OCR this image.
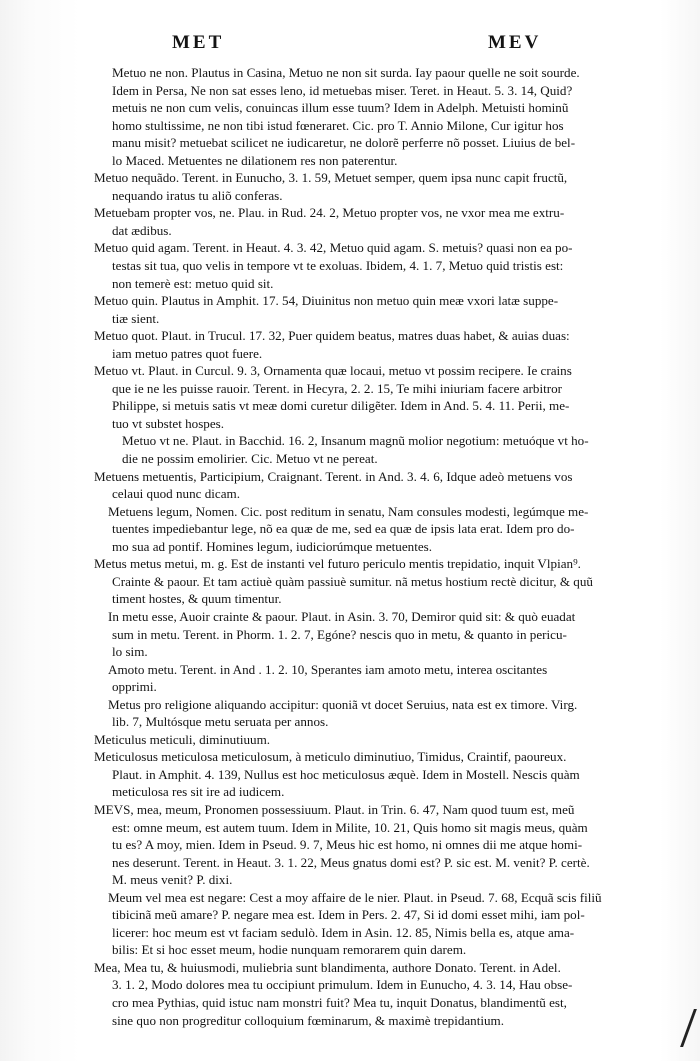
MET	MEV
Metuo ne non. Plautus in Casina, Metuo ne non sit surda. Iay paour quelle ne soit sourde.
Idem in Persa, Ne non sat esses leno, id metuebas miser. Teret. in Heaut. 5. 3. 14, Quid?
metuis ne non cum velis, conuincas illum esse tuum? Idem in Adelph. Metuisti hominũ
homo stultissime, ne non tibi istud fœneraret. Cic. pro T. Annio Milone, Cur igitur hos
manu misit? metuebat scilicet ne iudicaretur, ne dolorẽ perferre nõ posset. Liuius de bel-
lo Maced. Metuentes ne dilationem res non paterentur.
Metuo nequãdo. Terent. in Eunucho, 3. 1. 59, Metuet semper, quem ipsa nunc capit fructũ,
nequando iratus tu aliõ conferas.
Metuebam propter vos, ne. Plau. in Rud. 24. 2, Metuo propter vos, ne vxor mea me extru-
dat ædibus.
Metuo quid agam. Terent. in Heaut. 4. 3. 42, Metuo quid agam. S. metuis? quasi non ea po-
testas sit tua, quo velis in tempore vt te exoluas. Ibidem, 4. 1. 7, Metuo quid tristis est:
non temerè est: metuo quid sit.
Metuo quin. Plautus in Amphit. 17. 54, Diuinitus non metuo quin meæ vxori latæ suppe-
tiæ sient.
Metuo quot. Plaut. in Trucul. 17. 32, Puer quidem beatus, matres duas habet, & auias duas:
iam metuo patres quot fuere.
Metuo vt. Plaut. in Curcul. 9. 3, Ornamenta quæ locaui, metuo vt possim recipere. Ie crains
que ie ne les puisse rauoir. Terent. in Hecyra, 2. 2. 15, Te mihi iniuriam facere arbitror
Philippe, si metuis satis vt meæ domi curetur diligẽter. Idem in And. 5. 4. 11. Perii, me-
tuo vt substet hospes.
Metuo vt ne. Plaut. in Bacchid. 16. 2, Insanum magnũ molior negotium: metuóque vt ho-
die ne possim emolirier. Cic. Metuo vt ne pereat.
Metuens metuentis, Participium, Craignant. Terent. in And. 3. 4. 6, Idque adeò metuens vos
celaui quod nunc dicam.
Metuens legum, Nomen. Cic. post reditum in senatu, Nam consules modesti, legúmque me-
tuentes impediebantur lege, nõ ea quæ de me, sed ea quæ de ipsis lata erat. Idem pro do-
mo sua ad pontif. Homines legum, iudiciorúmque metuentes.
Metus metus metui, m. g. Est de instanti vel futuro periculo mentis trepidatio, inquit Vlpian⁹.
Crainte & paour. Et tam actiuè quàm passiuè sumitur. nã metus hostium rectè dicitur, & quũ
timent hostes, & quum timentur.
In metu esse, Auoir crainte & paour. Plaut. in Asin. 3. 70, Demiror quid sit: & quò euadat
sum in metu. Terent. in Phorm. 1. 2. 7, Egóne? nescis quo in metu, & quanto in pericu-
lo sim.
Amoto metu. Terent. in And . 1. 2. 10, Sperantes iam amoto metu, interea oscitantes
opprimi.
Metus pro religione aliquando accipitur: quoniã vt docet Seruius, nata est ex timore. Virg.
lib. 7, Multósque metu seruata per annos.
Meticulus meticuli, diminutiuum.
Meticulosus meticulosa meticulosum, à meticulo diminutiuo, Timidus, Craintif, paoureux.
Plaut. in Amphit. 4. 139, Nullus est hoc meticulosus æquè. Idem in Mostell. Nescis quàm
meticulosa res sit ire ad iudicem.
MEVS, mea, meum, Pronomen possessiuum. Plaut. in Trin. 6. 47, Nam quod tuum est, meũ
est: omne meum, est autem tuum. Idem in Milite, 10. 21, Quis homo sit magis meus, quàm
tu es? A moy, mien. Idem in Pseud. 9. 7, Meus hic est homo, ni omnes dii me atque homi-
nes deserunt. Terent. in Heaut. 3. 1. 22, Meus gnatus domi est? P. sic est. M. venit? P. certè.
M. meus venit? P. dixi.
Meum vel mea est negare: Cest a moy affaire de le nier. Plaut. in Pseud. 7. 68, Ecquã scis filiũ
tibicinã meũ amare? P. negare mea est. Idem in Pers. 2. 47, Si id domi esset mihi, iam pol-
licerer: hoc meum est vt faciam sedulò. Idem in Asin. 12. 85, Nimis bella es, atque ama-
bilis: Et si hoc esset meum, hodie nunquam remorarem quin darem.
Mea, Mea tu, & huiusmodi, muliebria sunt blandimenta, authore Donato. Terent. in Adel.
3. 1. 2, Modo dolores mea tu occipiunt primulum. Idem in Eunucho, 4. 3. 14, Hau obse-
cro mea Pythias, quid istuc nam monstri fuit? Mea tu, inquit Donatus, blandimentũ est,
sine quo non progreditur colloquium fœminarum, & maximè trepidantium.
